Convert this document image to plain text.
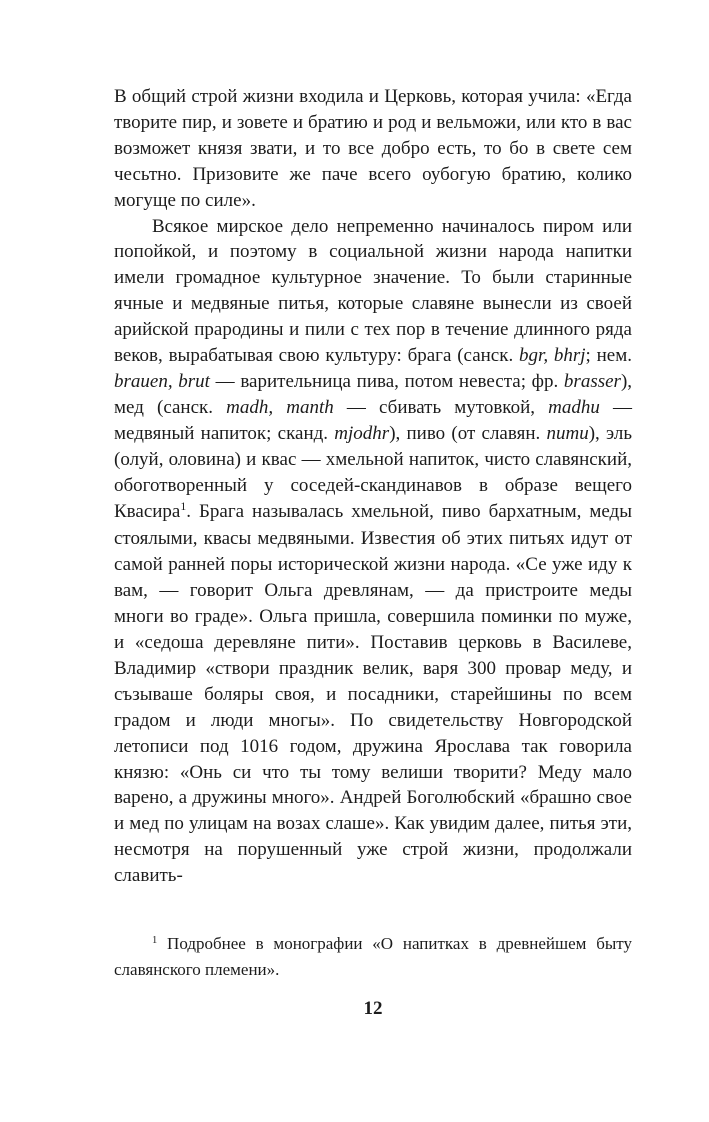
В общий строй жизни входила и Церковь, которая учила: «Егда творите пир, и зовете и братию и род и вельможи, или кто в вас возможет князя звати, и то все добро есть, то бо в свете сем чесьтно. Призовите же паче всего оубогую братию, колико могуще по силе».

Всякое мирское дело непременно начиналось пиром или попойкой, и поэтому в социальной жизни народа напитки имели громадное культурное значение. То были старинные ячные и медвяные питья, которые славяне вынесли из своей арийской прародины и пили с тех пор в течение длинного ряда веков, вырабатывая свою культуру: брага (санск. bgr, bhrj; нем. brauen, brut — варительница пива, потом невеста; фр. brasser), мед (санск. madh, manth — сбивать мутовкой, madhu — медвяный напиток; сканд. mjodhr), пиво (от славян. пити), эль (олуй, оловина) и квас — хмельной напиток, чисто славянский, обоготворенный у соседей-скандинавов в образе вещего Квасира$^1$. Брага называлась хмельной, пиво бархатным, меды стоялыми, квасы медвяными. Известия об этих питьях идут от самой ранней поры исторической жизни народа. «Се уже иду к вам, — говорит Ольга древлянам, — да пристроите меды многи во граде». Ольга пришла, совершила поминки по муже, и «седоша деревляне пити». Поставив церковь в Василеве, Владимир «створи праздник велик, варя 300 провар меду, и съзываше боляры своя, и посадники, старейшины по всем градом и люди многы». По свидетельству Новгородской летописи под 1016 годом, дружина Ярослава так говорила князю: «Онь си что ты тому велиши творити? Меду мало варено, а дружины много». Андрей Боголюбский «брашно свое и мед по улицам на возах слаше». Как увидим далее, питья эти, несмотря на порушенный уже строй жизни, продолжали славить-

$^1$ Подробнее в монографии «О напитках в древнейшем быту славянского племени».
12
